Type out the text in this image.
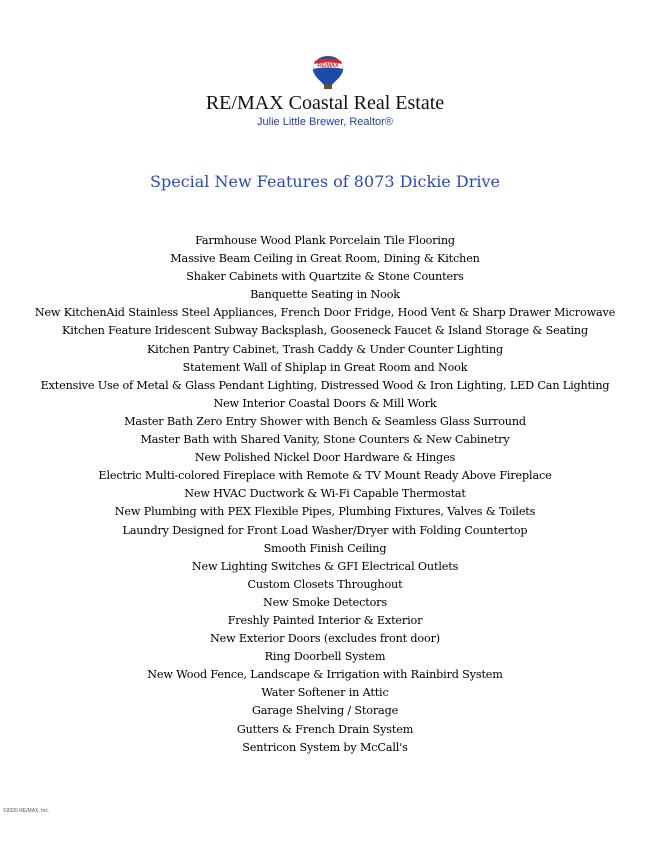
RE/MAX
RE/MAX Coastal Real Estate
Julie Little Brewer, Realtor®
Special New Features of 8073 Dickie Drive
Farmhouse Wood Plank Porcelain Tile Flooring
Massive Beam Ceiling in Great Room, Dining & Kitchen
Shaker Cabinets with Quartzite & Stone Counters
Banquette Seating in Nook
New KitchenAid Stainless Steel Appliances, French Door Fridge, Hood Vent & Sharp Drawer Microwave
Kitchen Feature Iridescent Subway Backsplash, Gooseneck Faucet & Island Storage & Seating
Kitchen Pantry Cabinet, Trash Caddy & Under Counter Lighting
Statement Wall of Shiplap in Great Room and Nook
Extensive Use of Metal & Glass Pendant Lighting, Distressed Wood & Iron Lighting, LED Can Lighting
New Interior Coastal Doors & Mill Work
Master Bath Zero Entry Shower with Bench & Seamless Glass Surround
Master Bath with Shared Vanity, Stone Counters & New Cabinetry
New Polished Nickel Door Hardware & Hinges
Electric Multi-colored Fireplace with Remote & TV Mount Ready Above Fireplace
New HVAC Ductwork & Wi-Fi Capable Thermostat
New Plumbing with PEX Flexible Pipes, Plumbing Fixtures, Valves & Toilets
Laundry Designed for Front Load Washer/Dryer with Folding Countertop
Smooth Finish Ceiling
New Lighting Switches & GFI Electrical Outlets
Custom Closets Throughout
New Smoke Detectors
Freshly Painted Interior & Exterior
New Exterior Doors (excludes front door)
Ring Doorbell System
New Wood Fence, Landscape & Irrigation with Rainbird System
Water Softener in Attic
Garage Shelving / Storage
Gutters & French Drain System
Sentricon System by McCall's
©2020 RE/MAX, Inc.
